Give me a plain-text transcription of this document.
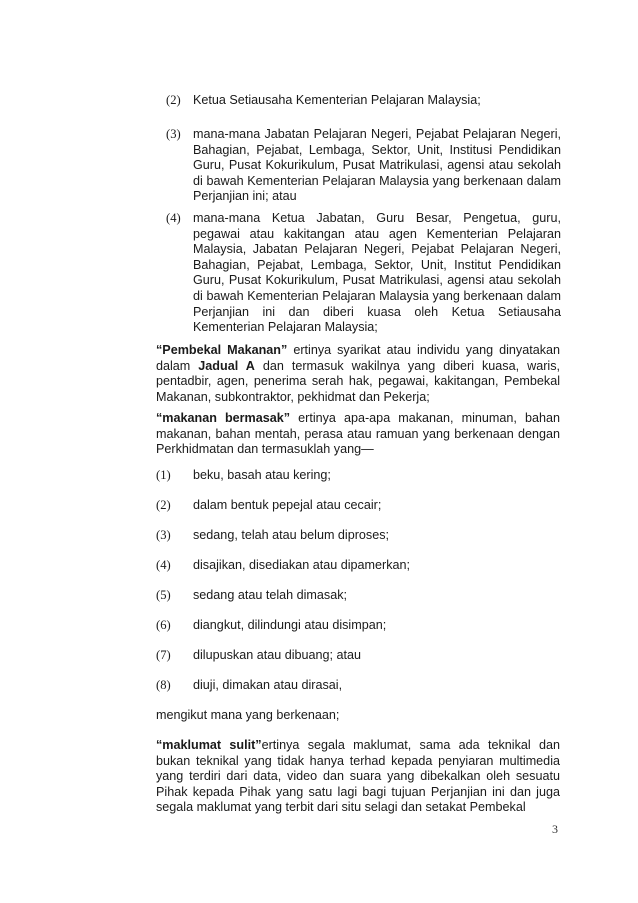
(2) Ketua Setiausaha Kementerian Pelajaran Malaysia;
(3) mana-mana Jabatan Pelajaran Negeri, Pejabat Pelajaran Negeri, Bahagian, Pejabat, Lembaga, Sektor, Unit, Institusi Pendidikan Guru, Pusat Kokurikulum, Pusat Matrikulasi, agensi atau sekolah di bawah Kementerian Pelajaran Malaysia yang berkenaan dalam Perjanjian ini; atau
(4) mana-mana Ketua Jabatan, Guru Besar, Pengetua, guru, pegawai atau kakitangan atau agen Kementerian Pelajaran Malaysia, Jabatan Pelajaran Negeri, Pejabat Pelajaran Negeri, Bahagian, Pejabat, Lembaga, Sektor, Unit, Institut Pendidikan Guru, Pusat Kokurikulum, Pusat Matrikulasi, agensi atau sekolah di bawah Kementerian Pelajaran Malaysia yang berkenaan dalam Perjanjian ini dan diberi kuasa oleh Ketua Setiausaha Kementerian Pelajaran Malaysia;
“Pembekal Makanan” ertinya syarikat atau individu yang dinyatakan dalam Jadual A dan termasuk wakilnya yang diberi kuasa, waris, pentadbir, agen, penerima serah hak, pegawai, kakitangan, Pembekal Makanan, subkontraktor, pekhidmat dan Pekerja;
“makanan bermasak” ertinya apa-apa makanan, minuman, bahan makanan, bahan mentah, perasa atau ramuan yang berkenaan dengan Perkhidmatan dan termasuklah yang—
(1) beku, basah atau kering;
(2) dalam bentuk pepejal atau cecair;
(3) sedang, telah atau belum diproses;
(4) disajikan, disediakan atau dipamerkan;
(5) sedang atau telah dimasak;
(6) diangkut, dilindungi atau disimpan;
(7) dilupuskan atau dibuang; atau
(8) diuji, dimakan atau dirasai,
mengikut mana yang berkenaan;
“maklumat sulit”ertinya segala maklumat, sama ada teknikal dan bukan teknikal yang tidak hanya terhad kepada penyiaran multimedia yang terdiri dari data, video dan suara yang dibekalkan oleh sesuatu Pihak kepada Pihak yang satu lagi bagi tujuan Perjanjian ini dan juga segala maklumat yang terbit dari situ selagi dan setakat Pembekal
3
